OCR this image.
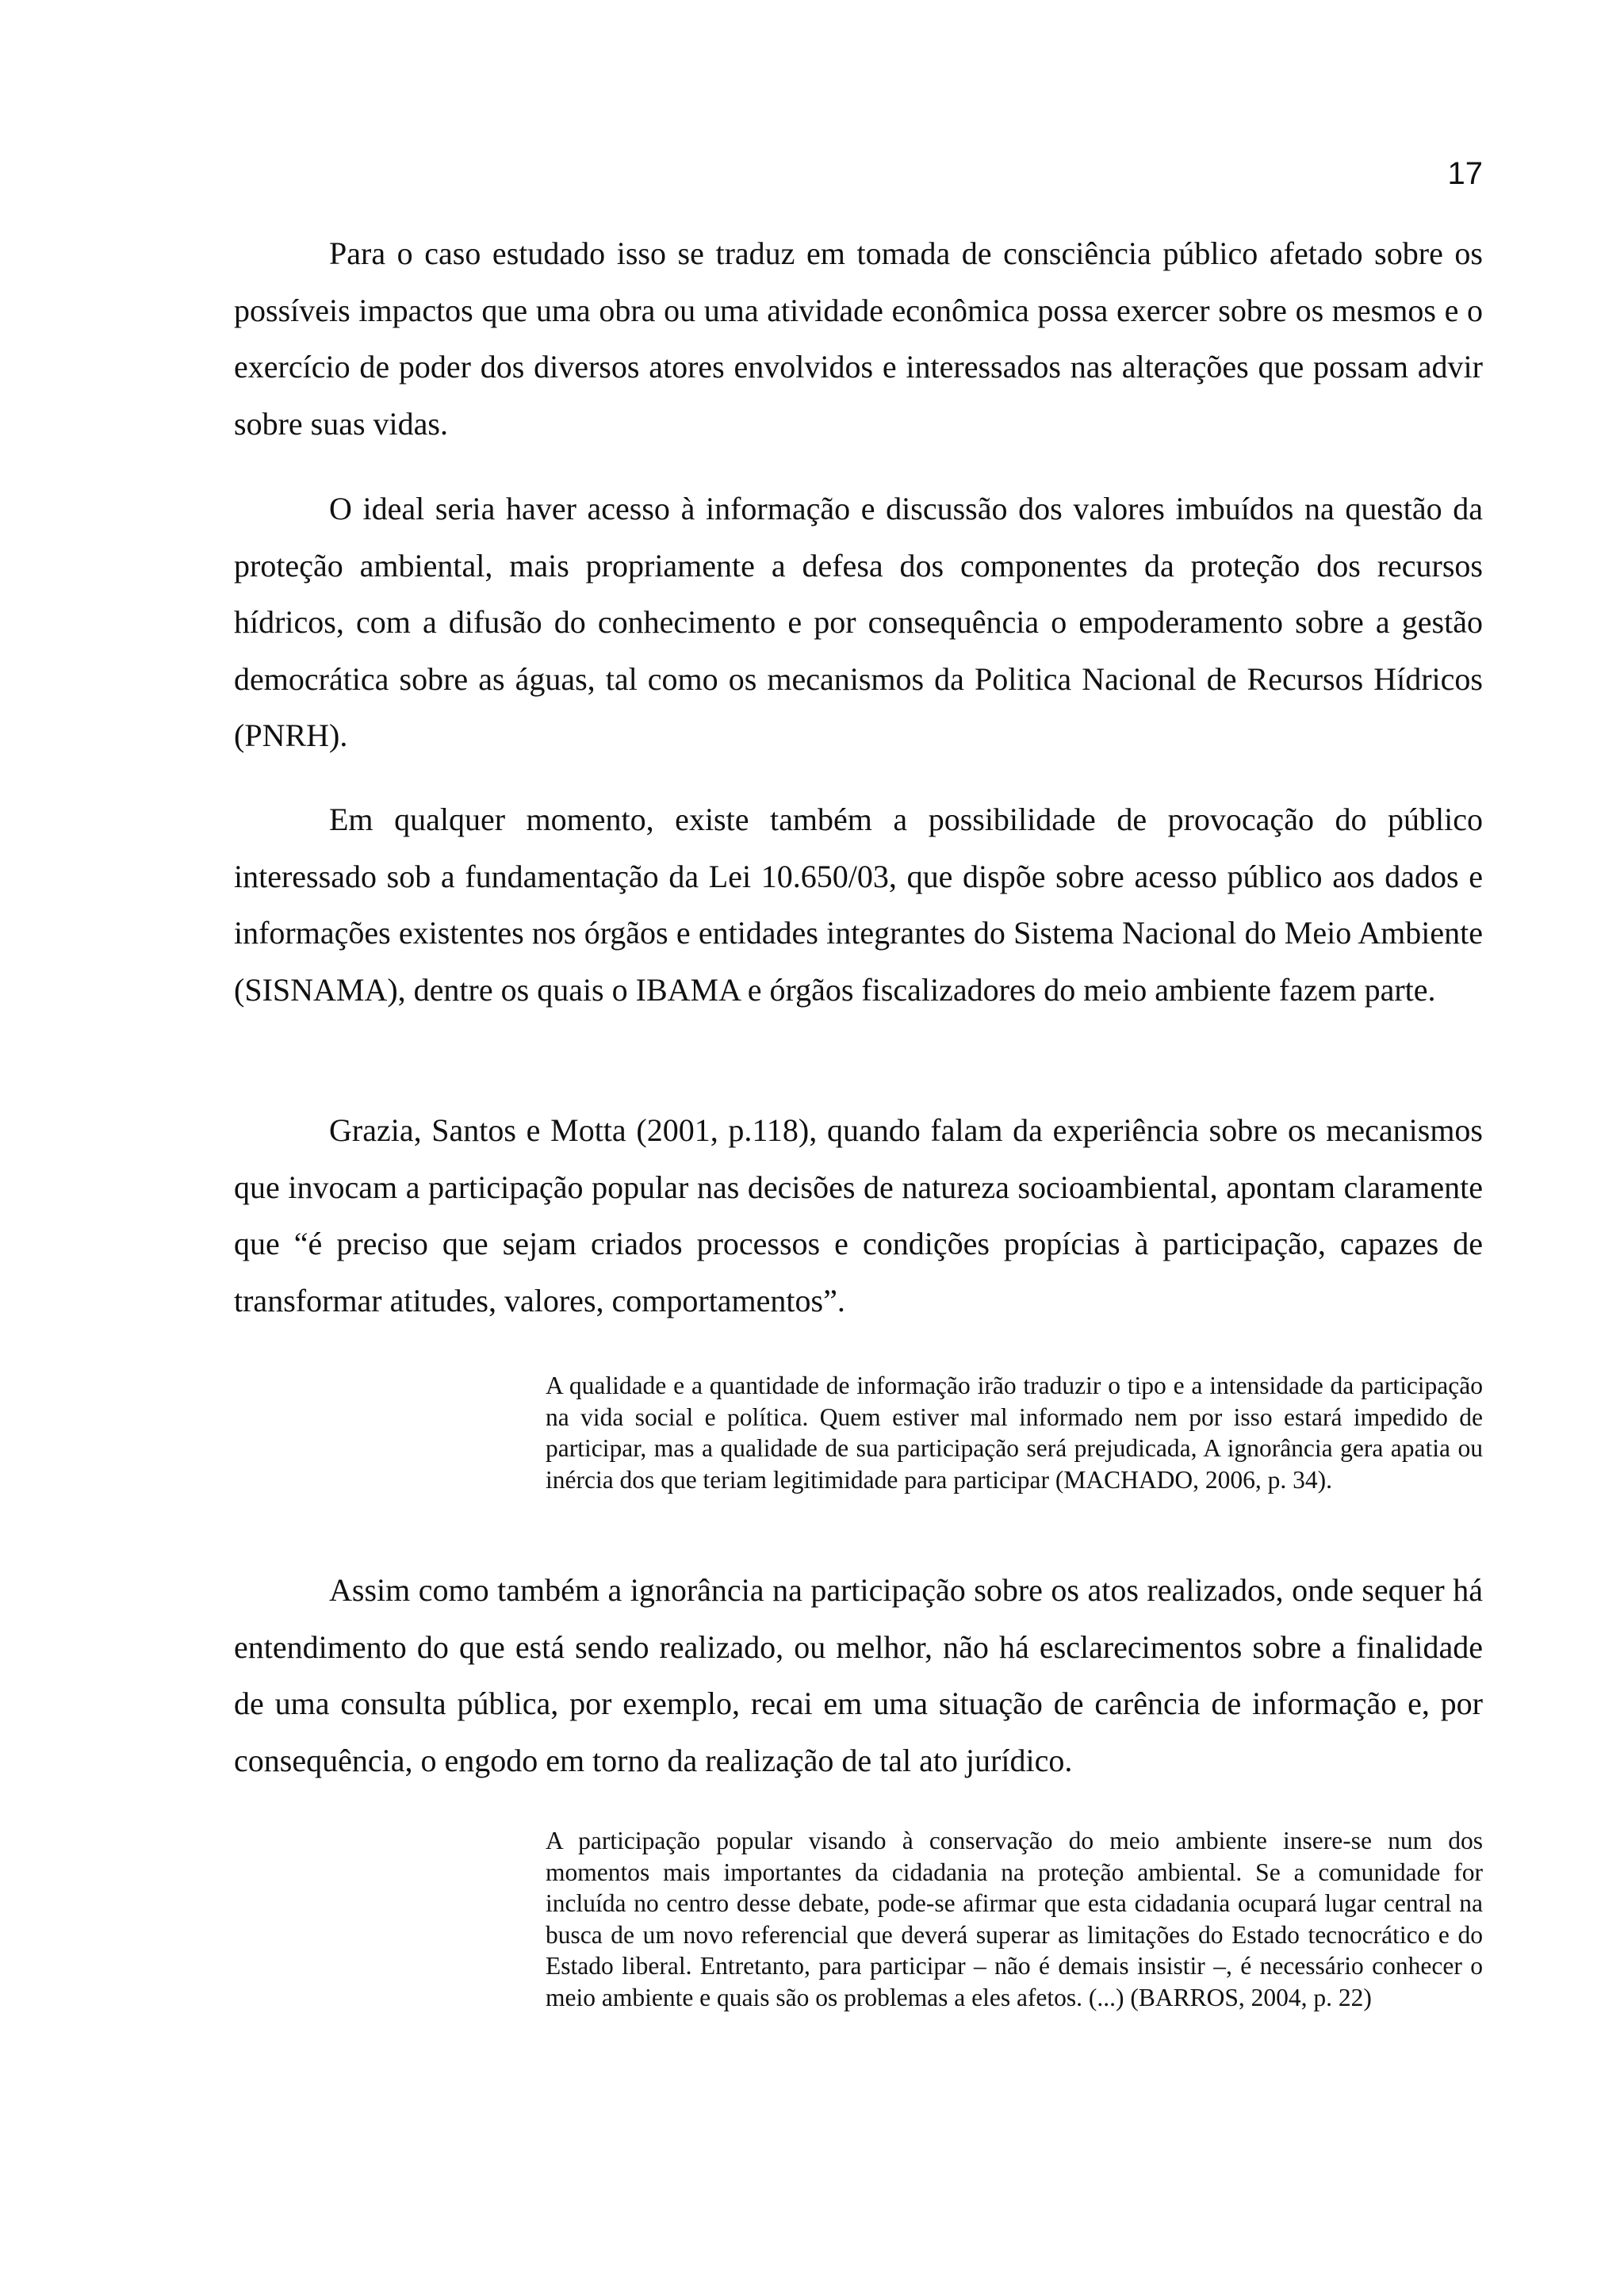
17

Para o caso estudado isso se traduz em tomada de consciência público afetado sobre os possíveis impactos que uma obra ou uma atividade econômica possa exercer sobre os mesmos e o exercício de poder dos diversos atores envolvidos e interessados nas alterações que possam advir sobre suas vidas.

O ideal seria haver acesso à informação e discussão dos valores imbuídos na questão da proteção ambiental, mais propriamente a defesa dos componentes da proteção dos recursos hídricos, com a difusão do conhecimento e por consequência o empoderamento sobre a gestão democrática sobre as águas, tal como os mecanismos da Politica Nacional de Recursos Hídricos (PNRH).

Em qualquer momento, existe também a possibilidade de provocação do público interessado sob a fundamentação da Lei 10.650/03, que dispõe sobre acesso público aos dados e informações existentes nos órgãos e entidades integrantes do Sistema Nacional do Meio Ambiente (SISNAMA), dentre os quais o IBAMA e órgãos fiscalizadores do meio ambiente fazem parte.

Grazia, Santos e Motta (2001, p.118), quando falam da experiência sobre os mecanismos que invocam a participação popular nas decisões de natureza socioambiental, apontam claramente que “é preciso que sejam criados processos e condições propícias à participação, capazes de transformar atitudes, valores, comportamentos”.

A qualidade e a quantidade de informação irão traduzir o tipo e a intensidade da participação na vida social e política. Quem estiver mal informado nem por isso estará impedido de participar, mas a qualidade de sua participação será prejudicada, A ignorância gera apatia ou inércia dos que teriam legitimidade para participar (MACHADO, 2006, p. 34).

Assim como também a ignorância na participação sobre os atos realizados, onde sequer há entendimento do que está sendo realizado, ou melhor, não há esclarecimentos sobre a finalidade de uma consulta pública, por exemplo, recai em uma situação de carência de informação e, por consequência, o engodo em torno da realização de tal ato jurídico.

A participação popular visando à conservação do meio ambiente insere-se num dos momentos mais importantes da cidadania na proteção ambiental. Se a comunidade for incluída no centro desse debate, pode-se afirmar que esta cidadania ocupará lugar central na busca de um novo referencial que deverá superar as limitações do Estado tecnocrático e do Estado liberal. Entretanto, para participar – não é demais insistir –, é necessário conhecer o meio ambiente e quais são os problemas a eles afetos. (...) (BARROS, 2004, p. 22)
